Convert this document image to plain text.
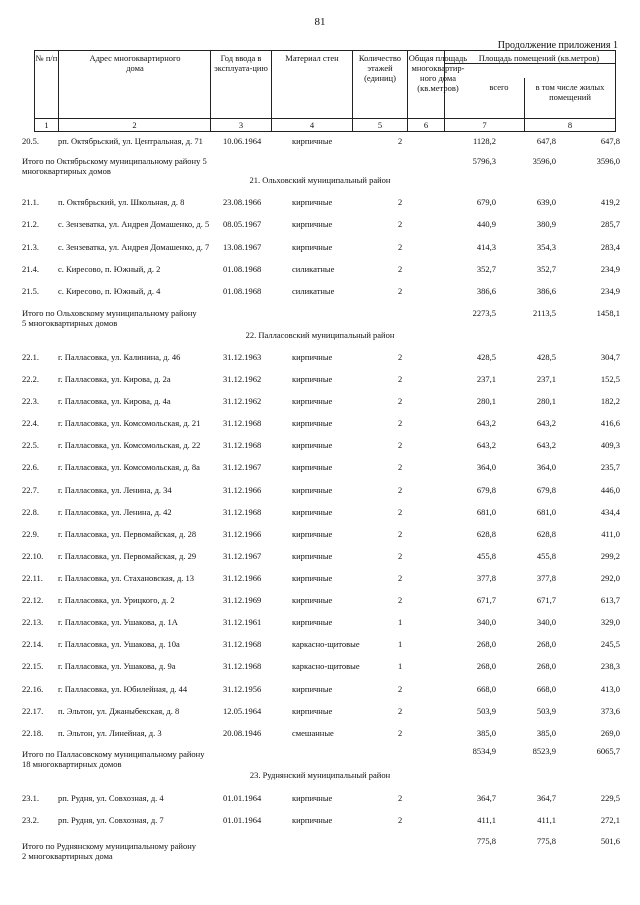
81
Продолжение приложения 1
№ п/п	Адрес многоквартирного дома
Год ввода в эксплуата-цию
Материал стен	Количество этажей (единиц)
Общая площадь многоквартир-ного дома (кв.метров)
Площадь помещений (кв.метров)
всего	в том числе жилых помещений
1	2	3	4	5	6	7	8
20.5. рп. Октябрьский, ул. Центральная, д. 71 10.06.1964	кирпичные	2	1128,2	647,8	647,8
Итого по Октябрьскому муниципальному району 5
многоквартирных домов
5796,3	3596,0	3596,0
21. Ольховский муниципальный район
21.1. п. Октябрьский, ул. Школьная, д. 8	23.08.1966	кирпичные	2	679,0	639,0	419,2
21.2. с. Зензеватка, ул. Андрея Домашенко, д. 5 08.05.1967	кирпичные	2	440,9	380,9	285,7
21.3. с. Зензеватка, ул. Андрея Домашенко, д. 7 13.08.1967	кирпичные	2	414,3	354,3	283,4
21.4. с. Киресово, п. Южный, д. 2	01.08.1968	силикатные	2	352,7	352,7	234,9
21.5. с. Киресово, п. Южный, д. 4	01.08.1968	силикатные	2	386,6	386,6	234,9
Итого по Ольховскому муниципальному району
5 многоквартирных домов
2273,5	2113,5	1458,1
22. Палласовский муниципальный район
22.1. г. Палласовка, ул. Калинина, д. 46	31.12.1963	кирпичные	2	428,5	428,5	304,7
22.2. г. Палласовка, ул. Кирова, д. 2а	31.12.1962	кирпичные	2	237,1	237,1	152,5
22.3. г. Палласовка, ул. Кирова, д. 4а	31.12.1962	кирпичные	2	280,1	280,1	182,2
22.4. г. Палласовка, ул. Комсомольская, д. 21	31.12.1968	кирпичные	2	643,2	643,2	416,6
22.5. г. Палласовка, ул. Комсомольская, д. 22	31.12.1968	кирпичные	2	643,2	643,2	409,3
22.6. г. Палласовка, ул. Комсомольская, д. 8а	31.12.1967	кирпичные	2	364,0	364,0	235,7
22.7. г. Палласовка, ул. Ленина, д. 34	31.12.1966	кирпичные	2	679,8	679,8	446,0
22.8. г. Палласовка, ул. Ленина, д. 42	31.12.1968	кирпичные	2	681,0	681,0	434,4
22.9. г. Палласовка, ул. Первомайская, д. 28	31.12.1966	кирпичные	2	628,8	628,8	411,0
22.10. г. Палласовка, ул. Первомайская, д. 29	31.12.1967	кирпичные	2	455,8	455,8	299,2
22.11. г. Палласовка, ул. Стахановская, д. 13	31.12.1966	кирпичные	2	377,8	377,8	292,0
22.12. г. Палласовка, ул. Урицкого, д. 2	31.12.1969	кирпичные	2	671,7	671,7	613,7
22.13. г. Палласовка, ул. Ушакова, д. 1А	31.12.1961	кирпичные	1	340,0	340,0	329,0
22.14. г. Палласовка, ул. Ушакова, д. 10а	31.12.1968	каркасно-щитовые	1	268,0	268,0	245,5
22.15. г. Палласовка, ул. Ушакова, д. 9а	31.12.1968	каркасно-щитовые	1	268,0	268,0	238,3
22.16. г. Палласовка, ул. Юбилейная, д. 44	31.12.1956	кирпичные	2	668,0	668,0	413,0
22.17. п. Эльтон, ул. Джаныбекская, д. 8	12.05.1964	кирпичные	2	503,9	503,9	373,6
22.18. п. Эльтон, ул. Линейная, д. 3	20.08.1946	смешанные	2	385,0	385,0	269,0
Итого по Палласовскому муниципальному району
18 многоквартирных домов
8534,9	8523,9	6065,7
23. Руднянский муниципальный район
23.1. рп. Рудня, ул. Совхозная, д. 4	01.01.1964	кирпичные	2	364,7	364,7	229,5
23.2. рп. Рудня, ул. Совхозная, д. 7	01.01.1964	кирпичные	2	411,1	411,1	272,1
Итого по Руднянскому муниципальному району
2 многоквартирных дома
775,8	775,8	501,6
